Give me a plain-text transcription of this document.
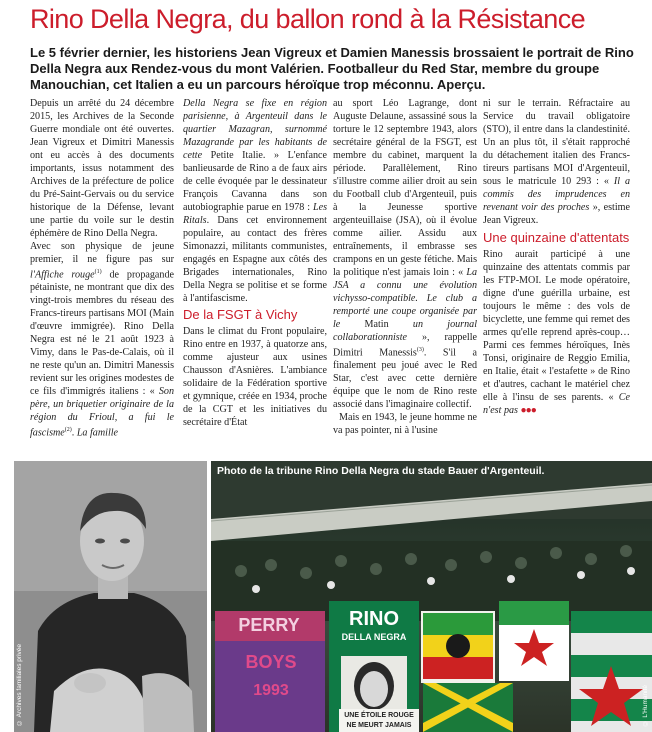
Rino Della Negra, du ballon rond à la Résistance
Le 5 février dernier, les historiens Jean Vigreux et Damien Manessis brossaient le portrait de Rino Della Negra aux Rendez-vous du mont Valérien. Footballeur du Red Star, membre du groupe Manouchian, cet Italien a eu un parcours héroïque trop méconnu. Aperçu.

Depuis un arrêté du 24 décembre 2015, les Archives de la Seconde Guerre mondiale ont été ouvertes. Jean Vigreux et Dimitri Manessis ont eu accès à des documents importants, issus notamment des Archives de la préfecture de police du Pré-Saint-Gervais ou du service historique de la Défense, levant une partie du voile sur le destin éphémère de Rino Della Negra.

Avec son physique de jeune premier, il ne figure pas sur l'Affiche rouge$^{(1)}$ de propagande pétainiste, ne montrant que dix des vingt-trois membres du réseau des Francs-tireurs partisans MOI (Main d'œuvre immigrée). Rino Della Negra est né le 21 août 1923 à Vimy, dans le Pas-de-Calais, où il ne reste qu'un an. Dimitri Manessis revient sur les origines modestes de ce fils d'immigrés italiens : « Son père, un briquetier originaire de la région du Frioul, a fui le fascisme$^{(2)}$. La famille

Della Negra se fixe en région parisienne, à Argenteuil dans le quartier Mazagran, surnommé Mazagrande par les habitants de cette Petite Italie. » L'enfance banlieusarde de Rino a de faux airs de celle évoquée par le dessinateur François Cavanna dans son autobiographie parue en 1978 : Les Ritals. Dans cet environnement populaire, au contact des frères Simonazzi, militants communistes, engagés en Espagne aux côtés des Brigades internationales, Rino Della Negra se politise et se forme à l'antifascisme.

De la FSGT à Vichy

Dans le climat du Front populaire, Rino entre en 1937, à quatorze ans, comme ajusteur aux usines Chausson d'Asnières. L'ambiance solidaire de la Fédération sportive et gymnique, créée en 1934, proche de la CGT et les initiatives du secrétaire d'État

au sport Léo Lagrange, dont Auguste Delaune, assassiné sous la torture le 12 septembre 1943, alors secrétaire général de la FSGT, est membre du cabinet, marquent la période. Parallèlement, Rino s'illustre comme ailier droit au sein du Football club d'Argenteuil, puis à la Jeunesse sportive argenteuillaise (JSA), où il évolue comme ailier. Assidu aux entraînements, il embrasse ses crampons en un geste fétiche. Mais la politique n'est jamais loin : « La JSA a connu une évolution vichysso-compatible. Le club a remporté une coupe organisée par le Matin un journal collaborationniste », rappelle Dimitri Manessis$^{(3)}$. S'il a finalement peu joué avec le Red Star, c'est avec cette dernière équipe que le nom de Rino reste associé dans l'imaginaire collectif.

Mais en 1943, le jeune homme ne va pas pointer, ni à l'usine

ni sur le terrain. Réfractaire au Service du travail obligatoire (STO), il entre dans la clandestinité. Un an plus tôt, il s'était rapproché du détachement italien des Francs-tireurs partisans MOI d'Argenteuil, sous le matricule 10 293 : « Il a commis des imprudences en revenant voir des proches », estime Jean Vigreux.

Une quinzaine d'attentats

Rino aurait participé à une quinzaine des attentats commis par les FTP-MOI. Le mode opératoire, digne d'une guérilla urbaine, est toujours le même : des vols de bicyclette, une femme qui remet des armes qu'elle reprend après-coup… Parmi ces femmes héroïques, Inès Tonsi, originaire de Reggio Emilia, en Italie, était « l'estafette » de Rino et d'autres, cachant le matériel chez elle à l'insu de ses parents. « Ce n'est pas ●●●

© Archives familiales privée
Photo de la tribune Rino Della Negra du stade Bauer d'Argenteuil.
RINO
DELLA NEGRA
PERRY
BOYS
1993
UNE ÉTOILE ROUGE
NE MEURT JAMAIS	© L'Humanité
